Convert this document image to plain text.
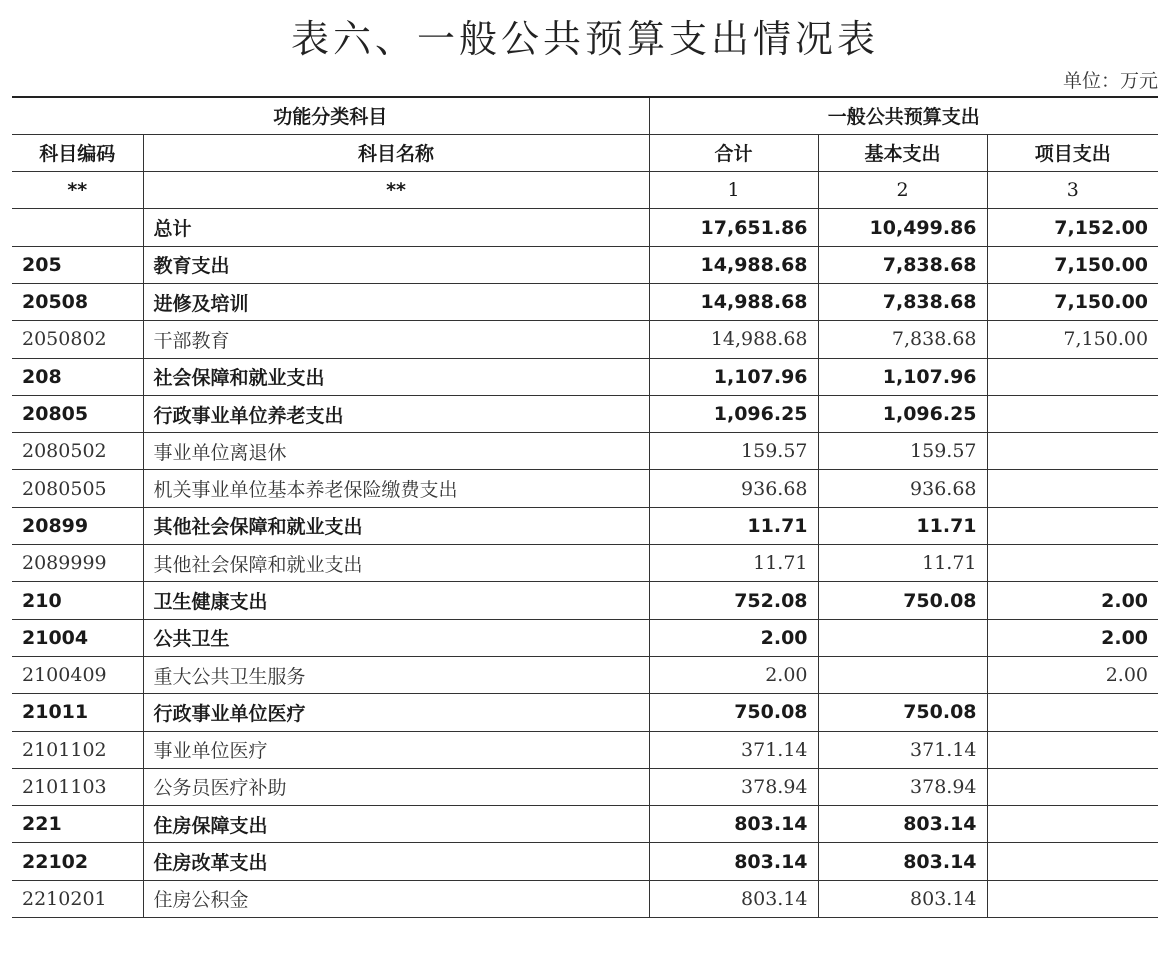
表六、一般公共预算支出情况表
单位：万元
功能分类科目		一般公共预算支出		
科目编码	科目名称	合计	基本支出	项目支出
**	**	1	2	3
	总计	17,651.86	10,499.86	7,152.00
205	教育支出	14,988.68	7,838.68	7,150.00
20508	进修及培训	14,988.68	7,838.68	7,150.00
2050802	干部教育	14,988.68	7,838.68	7,150.00
208	社会保障和就业支出	1,107.96	1,107.96	
20805	行政事业单位养老支出	1,096.25	1,096.25	
2080502	事业单位离退休	159.57	159.57	
2080505	机关事业单位基本养老保险缴费支出	936.68	936.68	
20899	其他社会保障和就业支出	11.71	11.71	
2089999	其他社会保障和就业支出	11.71	11.71	
210	卫生健康支出	752.08	750.08	2.00
21004	公共卫生	2.00		2.00
2100409	重大公共卫生服务	2.00		2.00
21011	行政事业单位医疗	750.08	750.08	
2101102	事业单位医疗	371.14	371.14	
2101103	公务员医疗补助	378.94	378.94	
221	住房保障支出	803.14	803.14	
22102	住房改革支出	803.14	803.14	
2210201	住房公积金	803.14	803.14	
